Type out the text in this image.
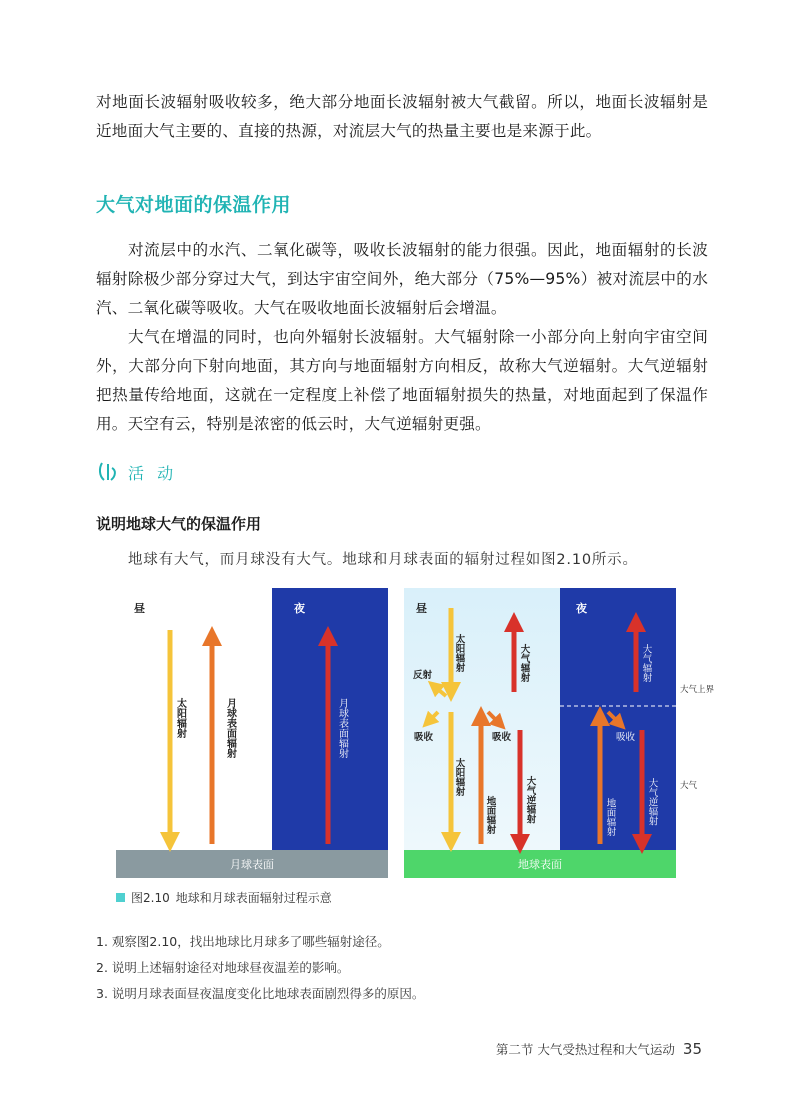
对地面长波辐射吸收较多，绝大部分地面长波辐射被大气截留。所以，地面长波辐射是近地面大气主要的、直接的热源，对流层大气的热量主要也是来源于此。

大气对地面的保温作用

对流层中的水汽、二氧化碳等，吸收长波辐射的能力很强。因此，地面辐射的长波辐射除极少部分穿过大气，到达宇宙空间外，绝大部分（75%—95%）被对流层中的水汽、二氧化碳等吸收。大气在吸收地面长波辐射后会增温。

大气在增温的同时，也向外辐射长波辐射。大气辐射除一小部分向上射向宇宙空间外，大部分向下射向地面，其方向与地面辐射方向相反，故称大气逆辐射。大气逆辐射把热量传给地面，这就在一定程度上补偿了地面辐射损失的热量，对地面起到了保温作用。天空有云，特别是浓密的低云时，大气逆辐射更强。

活 动
说明地球大气的保温作用
地球有大气，而月球没有大气。地球和月球表面的辐射过程如图2.10所示。
昼	夜
月球表面
太阳辐射	月球表面辐射	月球表面辐射
昼	夜
地球表面
太阳辐射
反射
吸收
大气辐射
吸收
太阳辐射
地面辐射	大气逆辐射
大气辐射
吸收
地面辐射	大气逆辐射
大气上界
大气
图2.10 地球和月球表面辐射过程示意
1. 观察图2.10，找出地球比月球多了哪些辐射途径。
2. 说明上述辐射途径对地球昼夜温差的影响。
3. 说明月球表面昼夜温度变化比地球表面剧烈得多的原因。
第二节 大气受热过程和大气运动 35
